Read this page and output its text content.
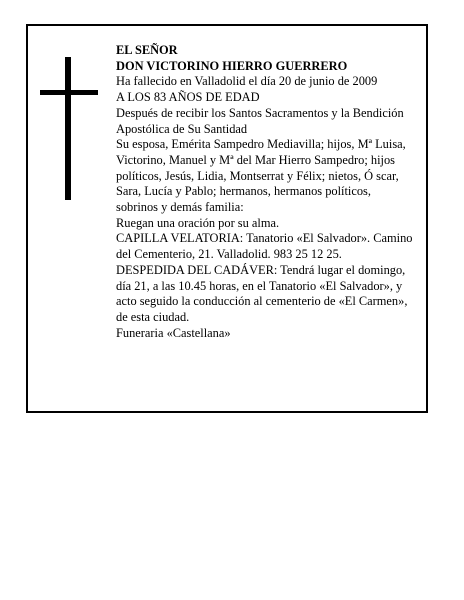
EL SEÑOR

DON VICTORINO HIERRO GUERRERO

Ha fallecido en Valladolid el día 20 de junio de 2009

A LOS 83 AÑOS DE EDAD

Después de recibir los Santos Sacramentos y la Bendición Apostólica de Su Santidad

Su esposa, Emérita Sampedro Mediavilla; hijos, Mª Luisa, Victorino, Manuel y Mª del Mar Hierro Sampedro; hijos políticos, Jesús, Lidia, Montserrat y Félix; nietos, Ó scar, Sara, Lucía y Pablo; hermanos, hermanos políticos, sobrinos y demás familia:

Ruegan una oración por su alma.

CAPILLA VELATORIA: Tanatorio «El Salvador». Camino del Cementerio, 21. Valladolid. 983 25 12 25.

DESPEDIDA DEL CADÁVER: Tendrá lugar el domingo, día 21, a las 10.45 horas, en el Tanatorio «El Salvador», y acto seguido la conducción al cementerio de «El Carmen», de esta ciudad.

Funeraria «Castellana»
